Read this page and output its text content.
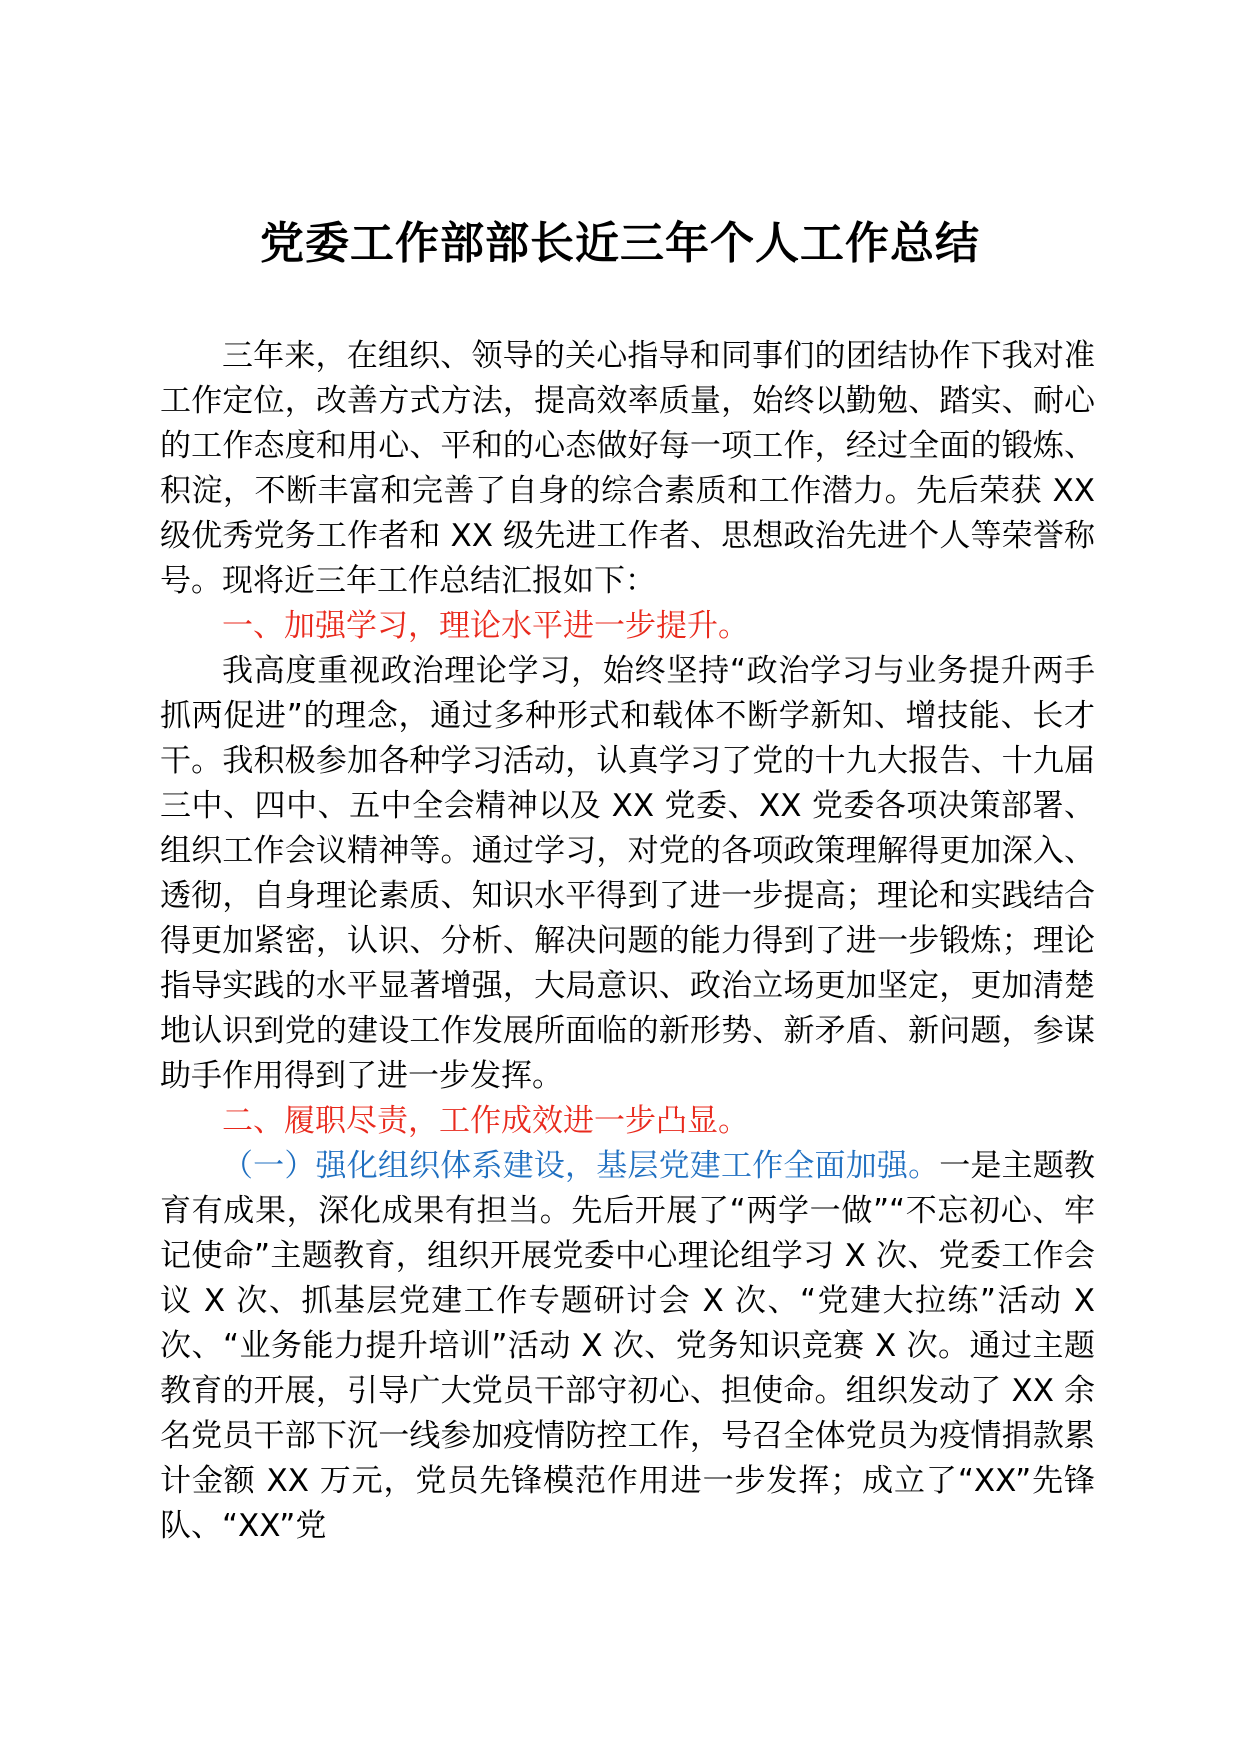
党委工作部部长近三年个人工作总结

三年来，在组织、领导的关心指导和同事们的团结协作下我对准工作定位，改善方式方法，提高效率质量，始终以勤勉、踏实、耐心的工作态度和用心、平和的心态做好每一项工作，经过全面的锻炼、积淀，不断丰富和完善了自身的综合素质和工作潜力。先后荣获 XX 级优秀党务工作者和 XX 级先进工作者、思想政治先进个人等荣誉称号。现将近三年工作总结汇报如下：

一、加强学习，理论水平进一步提升。

我高度重视政治理论学习，始终坚持“政治学习与业务提升两手抓两促进”的理念，通过多种形式和载体不断学新知、增技能、长才干。我积极参加各种学习活动，认真学习了党的十九大报告、十九届三中、四中、五中全会精神以及 XX 党委、XX 党委各项决策部署、组织工作会议精神等。通过学习，对党的各项政策理解得更加深入、透彻，自身理论素质、知识水平得到了进一步提高；理论和实践结合得更加紧密，认识、分析、解决问题的能力得到了进一步锻炼；理论指导实践的水平显著增强，大局意识、政治立场更加坚定，更加清楚地认识到党的建设工作发展所面临的新形势、新矛盾、新问题，参谋助手作用得到了进一步发挥。

二、履职尽责，工作成效进一步凸显。

（一）强化组织体系建设，基层党建工作全面加强。一是主题教育有成果，深化成果有担当。先后开展了“两学一做”“不忘初心、牢记使命”主题教育，组织开展党委中心理论组学习 X 次、党委工作会议 X 次、抓基层党建工作专题研讨会 X 次、“党建大拉练”活动 X 次、“业务能力提升培训”活动 X 次、党务知识竞赛 X 次。通过主题教育的开展，引导广大党员干部守初心、担使命。组织发动了 XX 余名党员干部下沉一线参加疫情防控工作，号召全体党员为疫情捐款累计金额 XX 万元，党员先锋模范作用进一步发挥；成立了“XX”先锋队、“XX”党
